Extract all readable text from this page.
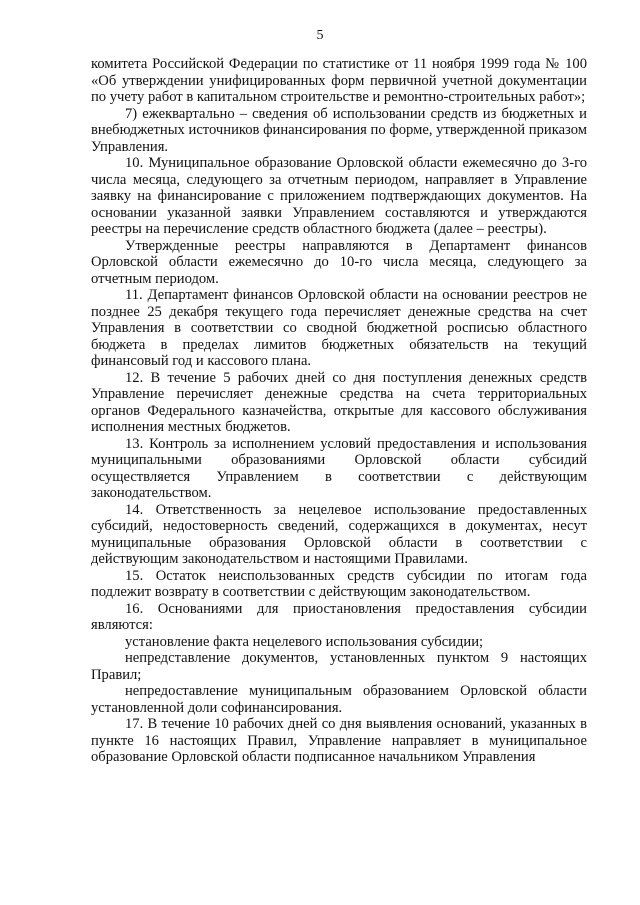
5

комитета Российской Федерации по статистике от 11 ноября 1999 года № 100 «Об утверждении унифицированных форм первичной учетной документации по учету работ в капитальном строительстве и ремонтно-строительных работ»;

7) ежеквартально – сведения об использовании средств из бюджетных и внебюджетных источников финансирования по форме, утвержденной приказом Управления.

10. Муниципальное образование Орловской области ежемесячно до 3-го числа месяца, следующего за отчетным периодом, направляет в Управление заявку на финансирование с приложением подтверждающих документов. На основании указанной заявки Управлением составляются и утверждаются реестры на перечисление средств областного бюджета (далее – реестры).

Утвержденные реестры направляются в Департамент финансов Орловской области ежемесячно до 10-го числа месяца, следующего за отчетным периодом.

11. Департамент финансов Орловской области на основании реестров не позднее 25 декабря текущего года перечисляет денежные средства на счет Управления в соответствии со сводной бюджетной росписью областного бюджета в пределах лимитов бюджетных обязательств на текущий финансовый год и кассового плана.

12. В течение 5 рабочих дней со дня поступления денежных средств Управление перечисляет денежные средства на счета территориальных органов Федерального казначейства, открытые для кассового обслуживания исполнения местных бюджетов.

13. Контроль за исполнением условий предоставления и использования муниципальными образованиями Орловской области субсидий осуществляется Управлением в соответствии с действующим законодательством.

14. Ответственность за нецелевое использование предоставленных субсидий, недостоверность сведений, содержащихся в документах, несут муниципальные образования Орловской области в соответствии с действующим законодательством и настоящими Правилами.

15. Остаток неиспользованных средств субсидии по итогам года подлежит возврату в соответствии с действующим законодательством.

16. Основаниями для приостановления предоставления субсидии являются:

установление факта нецелевого использования субсидии;

непредставление документов, установленных пунктом 9 настоящих Правил;

непредоставление муниципальным образованием Орловской области установленной доли софинансирования.

17. В течение 10 рабочих дней со дня выявления оснований, указанных в пункте 16 настоящих Правил, Управление направляет в муниципальное образование Орловской области подписанное начальником Управления
